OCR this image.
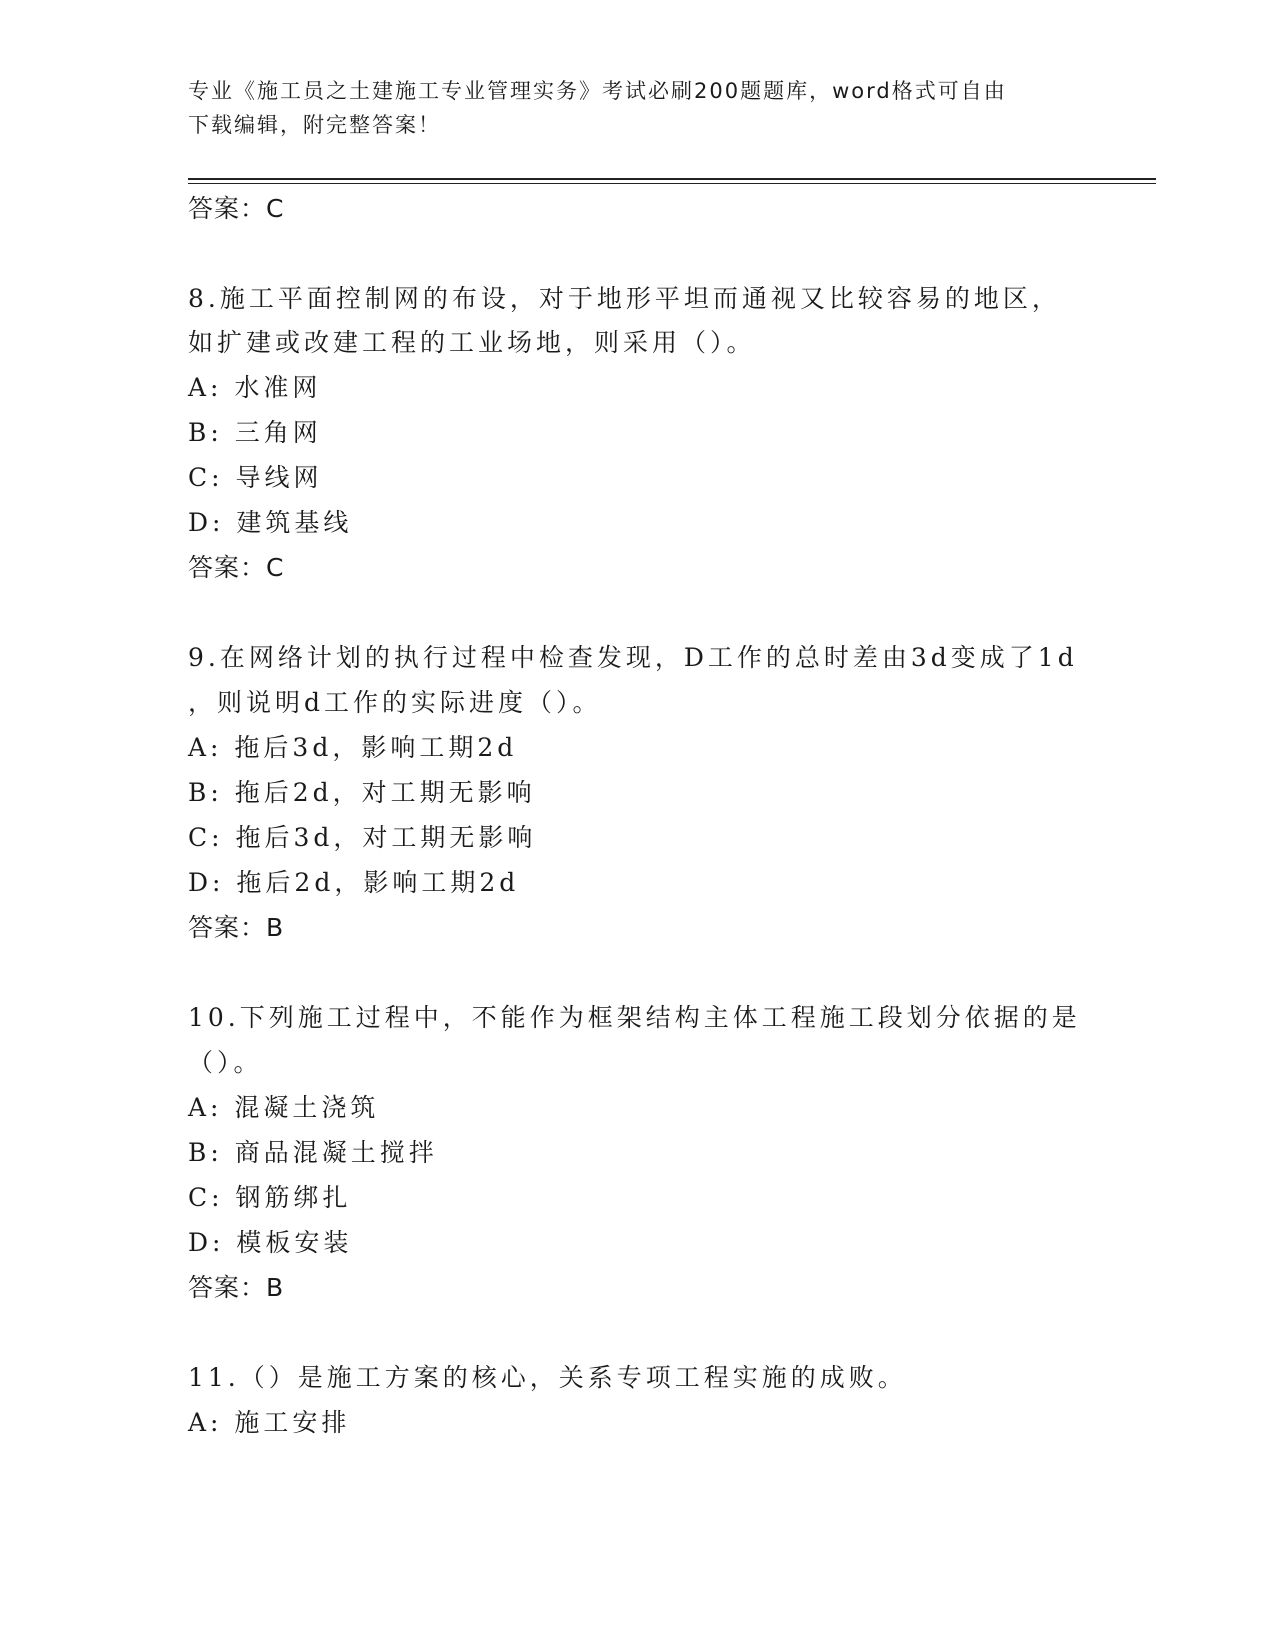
专业《施工员之土建施工专业管理实务》考试必刷200题题库，word格式可自由
下载编辑，附完整答案！
答案：C
8.施工平面控制网的布设，对于地形平坦而通视又比较容易的地区，
如扩建或改建工程的工业场地，则采用（）。
A: 水准网
B: 三角网
C: 导线网
D: 建筑基线
答案：C
9.在网络计划的执行过程中检查发现，D工作的总时差由3d变成了1d
，则说明d工作的实际进度（）。
A: 拖后3d，影响工期2d
B: 拖后2d，对工期无影响
C: 拖后3d，对工期无影响
D: 拖后2d，影响工期2d
答案：B
10.下列施工过程中，不能作为框架结构主体工程施工段划分依据的是
（）。
A: 混凝土浇筑
B: 商品混凝土搅拌
C: 钢筋绑扎
D: 模板安装
答案：B
11.（）是施工方案的核心，关系专项工程实施的成败。
A: 施工安排
